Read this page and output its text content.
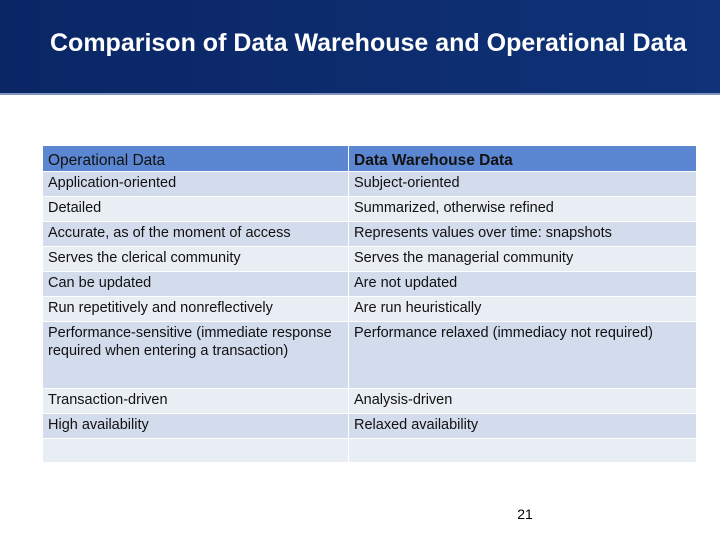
Comparison of Data Warehouse and Operational Data
Operational Data	Data Warehouse Data
Application-oriented	Subject-oriented
Detailed	Summarized, otherwise refined
Accurate, as of the moment of access	Represents values over time: snapshots
Serves the clerical community	Serves the managerial community
Can be updated	Are not updated
Run repetitively and nonreflectively	Are run heuristically
Performance-sensitive (immediate response required when entering a transaction)	Performance relaxed (immediacy not required)
Transaction-driven	Analysis-driven
High availability	Relaxed availability

21
